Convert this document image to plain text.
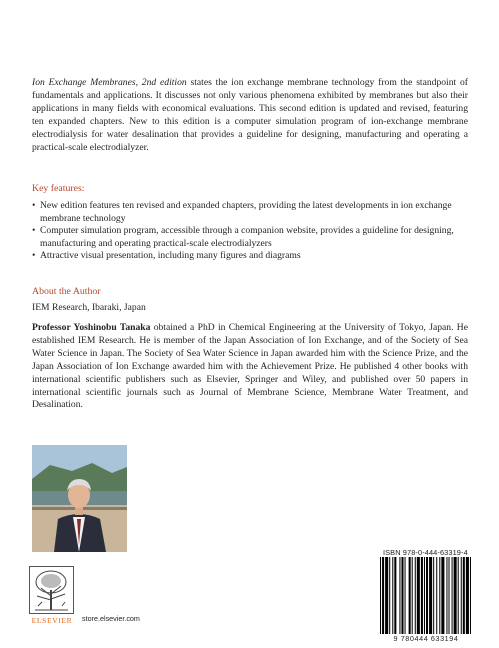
Ion Exchange Membranes, 2nd edition states the ion exchange membrane technology from the standpoint of fundamentals and applications. It discusses not only various phenomena exhibited by membranes but also their applications in many fields with economical evaluations. This second edition is updated and revised, featuring ten expanded chapters. New to this edition is a computer simulation program of ion-exchange membrane electrodialysis for water desalination that provides a guideline for designing, manufacturing and operating a practical-scale electrodialyzer.

Key features:

• New edition features ten revised and expanded chapters, providing the latest developments in ion exchange membrane technology
• Computer simulation program, accessible through a companion website, provides a guideline for designing, manufacturing and operating practical-scale electrodialyzers
• Attractive visual presentation, including many figures and diagrams

About the Author

IEM Research, Ibaraki, Japan

Professor Yoshinobu Tanaka obtained a PhD in Chemical Engineering at the University of Tokyo, Japan. He established IEM Research. He is member of the Japan Association of Ion Exchange, and of the Society of Sea Water Science in Japan. The Society of Sea Water Science in Japan awarded him with the Science Prize, and the Japan Association of Ion Exchange awarded him with the Achievement Prize. He published 4 other books with international scientific publishers such as Elsevier, Springer and Wiley, and published over 50 papers in international scientific journals such as Journal of Membrane Science, Membrane Water Treatment, and Desalination.

ISBN 978-0-444-63319-4
9 780444 633194
ELSEVIER	store.elsevier.com
